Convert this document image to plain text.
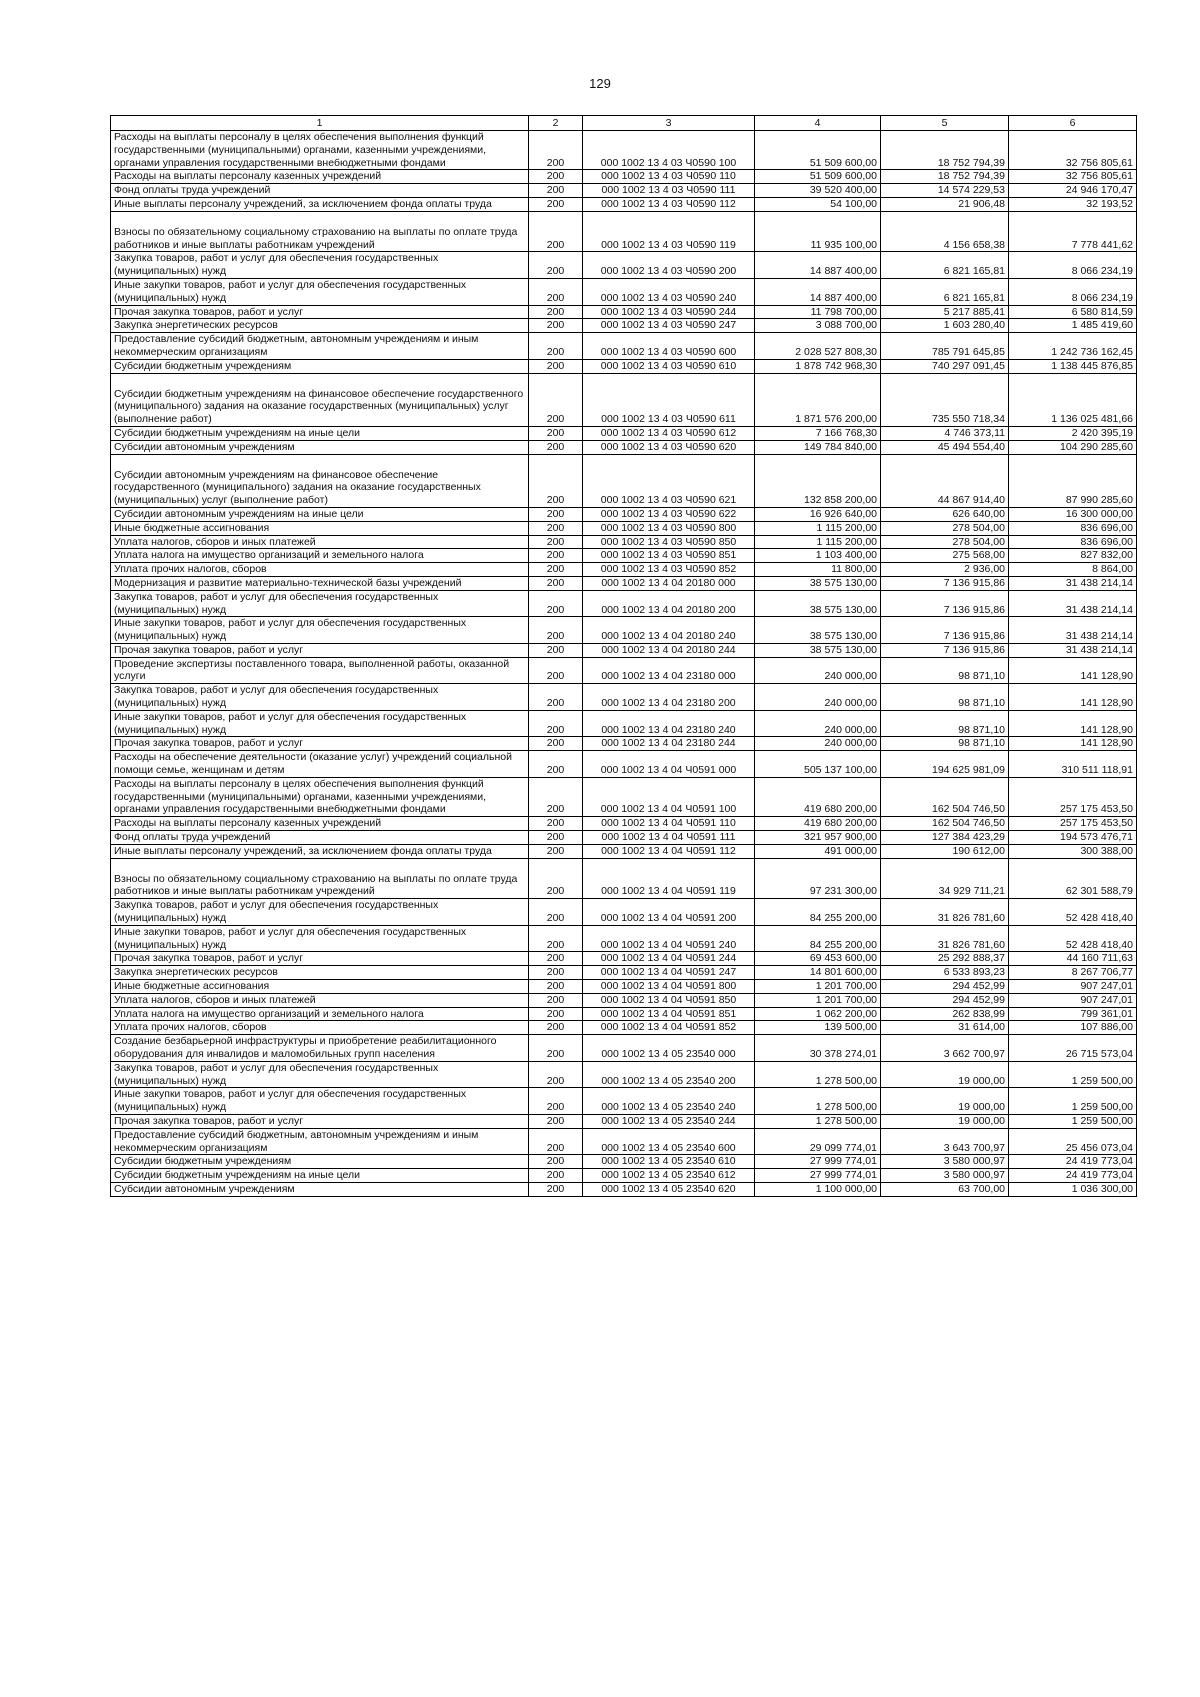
129
1	2	3	4	5	6
Расходы на выплаты персоналу в целях обеспечения выполнения функций государственными (муниципальными) органами, казенными учреждениями, органами управления государственными внебюджетными фондами	200	000 1002 13 4 03 Ч0590 100	51 509 600,00	18 752 794,39	32 756 805,61
Расходы на выплаты персоналу казенных учреждений	200	000 1002 13 4 03 Ч0590 110	51 509 600,00	18 752 794,39	32 756 805,61
Фонд оплаты труда учреждений	200	000 1002 13 4 03 Ч0590 111	39 520 400,00	14 574 229,53	24 946 170,47
Иные выплаты персоналу учреждений, за исключением фонда оплаты труда	200	000 1002 13 4 03 Ч0590 112	54 100,00	21 906,48	32 193,52
Взносы по обязательному социальному страхованию на выплаты по оплате труда работников и иные выплаты работникам учреждений	200	000 1002 13 4 03 Ч0590 119	11 935 100,00	4 156 658,38	7 778 441,62
Закупка товаров, работ и услуг для обеспечения государственных (муниципальных) нужд	200	000 1002 13 4 03 Ч0590 200	14 887 400,00	6 821 165,81	8 066 234,19
Иные закупки товаров, работ и услуг для обеспечения государственных (муниципальных) нужд	200	000 1002 13 4 03 Ч0590 240	14 887 400,00	6 821 165,81	8 066 234,19
Прочая закупка товаров, работ и услуг	200	000 1002 13 4 03 Ч0590 244	11 798 700,00	5 217 885,41	6 580 814,59
Закупка энергетических ресурсов	200	000 1002 13 4 03 Ч0590 247	3 088 700,00	1 603 280,40	1 485 419,60
Предоставление субсидий бюджетным, автономным учреждениям и иным некоммерческим организациям	200	000 1002 13 4 03 Ч0590 600	2 028 527 808,30	785 791 645,85	1 242 736 162,45
Субсидии бюджетным учреждениям	200	000 1002 13 4 03 Ч0590 610	1 878 742 968,30	740 297 091,45	1 138 445 876,85
Субсидии бюджетным учреждениям на финансовое обеспечение государственного (муниципального) задания на оказание государственных (муниципальных) услуг (выполнение работ)	200	000 1002 13 4 03 Ч0590 611	1 871 576 200,00	735 550 718,34	1 136 025 481,66
Субсидии бюджетным учреждениям на иные цели	200	000 1002 13 4 03 Ч0590 612	7 166 768,30	4 746 373,11	2 420 395,19
Субсидии автономным учреждениям	200	000 1002 13 4 03 Ч0590 620	149 784 840,00	45 494 554,40	104 290 285,60
Субсидии автономным учреждениям на финансовое обеспечение государственного (муниципального) задания на оказание государственных (муниципальных) услуг (выполнение работ)	200	000 1002 13 4 03 Ч0590 621	132 858 200,00	44 867 914,40	87 990 285,60
Субсидии автономным учреждениям на иные цели	200	000 1002 13 4 03 Ч0590 622	16 926 640,00	626 640,00	16 300 000,00
Иные бюджетные ассигнования	200	000 1002 13 4 03 Ч0590 800	1 115 200,00	278 504,00	836 696,00
Уплата налогов, сборов и иных платежей	200	000 1002 13 4 03 Ч0590 850	1 115 200,00	278 504,00	836 696,00
Уплата налога на имущество организаций и земельного налога	200	000 1002 13 4 03 Ч0590 851	1 103 400,00	275 568,00	827 832,00
Уплата прочих налогов, сборов	200	000 1002 13 4 03 Ч0590 852	11 800,00	2 936,00	8 864,00
Модернизация и развитие материально-технической базы учреждений	200	000 1002 13 4 04 20180 000	38 575 130,00	7 136 915,86	31 438 214,14
Закупка товаров, работ и услуг для обеспечения государственных (муниципальных) нужд	200	000 1002 13 4 04 20180 200	38 575 130,00	7 136 915,86	31 438 214,14
Иные закупки товаров, работ и услуг для обеспечения государственных (муниципальных) нужд	200	000 1002 13 4 04 20180 240	38 575 130,00	7 136 915,86	31 438 214,14
Прочая закупка товаров, работ и услуг	200	000 1002 13 4 04 20180 244	38 575 130,00	7 136 915,86	31 438 214,14
Проведение экспертизы поставленного товара, выполненной работы, оказанной услуги	200	000 1002 13 4 04 23180 000	240 000,00	98 871,10	141 128,90
Закупка товаров, работ и услуг для обеспечения государственных (муниципальных) нужд	200	000 1002 13 4 04 23180 200	240 000,00	98 871,10	141 128,90
Иные закупки товаров, работ и услуг для обеспечения государственных (муниципальных) нужд	200	000 1002 13 4 04 23180 240	240 000,00	98 871,10	141 128,90
Прочая закупка товаров, работ и услуг	200	000 1002 13 4 04 23180 244	240 000,00	98 871,10	141 128,90
Расходы на обеспечение деятельности (оказание услуг) учреждений социальной помощи семье, женщинам и детям	200	000 1002 13 4 04 Ч0591 000	505 137 100,00	194 625 981,09	310 511 118,91
Расходы на выплаты персоналу в целях обеспечения выполнения функций государственными (муниципальными) органами, казенными учреждениями, органами управления государственными внебюджетными фондами	200	000 1002 13 4 04 Ч0591 100	419 680 200,00	162 504 746,50	257 175 453,50
Расходы на выплаты персоналу казенных учреждений	200	000 1002 13 4 04 Ч0591 110	419 680 200,00	162 504 746,50	257 175 453,50
Фонд оплаты труда учреждений	200	000 1002 13 4 04 Ч0591 111	321 957 900,00	127 384 423,29	194 573 476,71
Иные выплаты персоналу учреждений, за исключением фонда оплаты труда	200	000 1002 13 4 04 Ч0591 112	491 000,00	190 612,00	300 388,00
Взносы по обязательному социальному страхованию на выплаты по оплате труда работников и иные выплаты работникам учреждений	200	000 1002 13 4 04 Ч0591 119	97 231 300,00	34 929 711,21	62 301 588,79
Закупка товаров, работ и услуг для обеспечения государственных (муниципальных) нужд	200	000 1002 13 4 04 Ч0591 200	84 255 200,00	31 826 781,60	52 428 418,40
Иные закупки товаров, работ и услуг для обеспечения государственных (муниципальных) нужд	200	000 1002 13 4 04 Ч0591 240	84 255 200,00	31 826 781,60	52 428 418,40
Прочая закупка товаров, работ и услуг	200	000 1002 13 4 04 Ч0591 244	69 453 600,00	25 292 888,37	44 160 711,63
Закупка энергетических ресурсов	200	000 1002 13 4 04 Ч0591 247	14 801 600,00	6 533 893,23	8 267 706,77
Иные бюджетные ассигнования	200	000 1002 13 4 04 Ч0591 800	1 201 700,00	294 452,99	907 247,01
Уплата налогов, сборов и иных платежей	200	000 1002 13 4 04 Ч0591 850	1 201 700,00	294 452,99	907 247,01
Уплата налога на имущество организаций и земельного налога	200	000 1002 13 4 04 Ч0591 851	1 062 200,00	262 838,99	799 361,01
Уплата прочих налогов, сборов	200	000 1002 13 4 04 Ч0591 852	139 500,00	31 614,00	107 886,00
Создание безбарьерной инфраструктуры и приобретение реабилитационного оборудования для инвалидов и маломобильных групп населения	200	000 1002 13 4 05 23540 000	30 378 274,01	3 662 700,97	26 715 573,04
Закупка товаров, работ и услуг для обеспечения государственных (муниципальных) нужд	200	000 1002 13 4 05 23540 200	1 278 500,00	19 000,00	1 259 500,00
Иные закупки товаров, работ и услуг для обеспечения государственных (муниципальных) нужд	200	000 1002 13 4 05 23540 240	1 278 500,00	19 000,00	1 259 500,00
Прочая закупка товаров, работ и услуг	200	000 1002 13 4 05 23540 244	1 278 500,00	19 000,00	1 259 500,00
Предоставление субсидий бюджетным, автономным учреждениям и иным некоммерческим организациям	200	000 1002 13 4 05 23540 600	29 099 774,01	3 643 700,97	25 456 073,04
Субсидии бюджетным учреждениям	200	000 1002 13 4 05 23540 610	27 999 774,01	3 580 000,97	24 419 773,04
Субсидии бюджетным учреждениям на иные цели	200	000 1002 13 4 05 23540 612	27 999 774,01	3 580 000,97	24 419 773,04
Субсидии автономным учреждениям	200	000 1002 13 4 05 23540 620	1 100 000,00	63 700,00	1 036 300,00
